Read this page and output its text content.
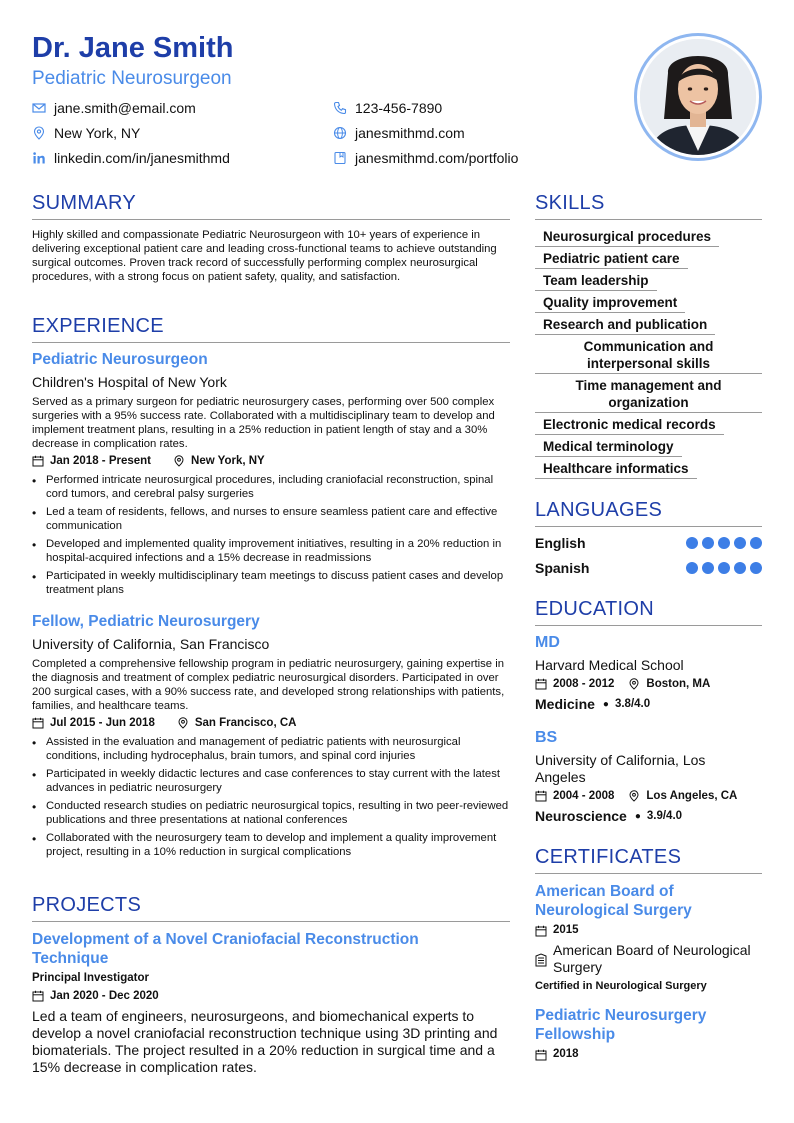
Dr. Jane Smith
Pediatric Neurosurgeon
jane.smith@email.com	123-456-7890
New York, NY	janesmithmd.com
linkedin.com/in/janesmithmd	janesmithmd.com/portfolio
SUMMARY
Highly skilled and compassionate Pediatric Neurosurgeon with 10+ years of experience in delivering exceptional patient care and leading cross-functional teams to achieve outstanding surgical outcomes. Proven track record of successfully performing complex neurosurgical procedures, with a strong focus on patient safety, quality, and satisfaction.
EXPERIENCE
Pediatric Neurosurgeon
Children's Hospital of New York
Served as a primary surgeon for pediatric neurosurgery cases, performing over 500 complex surgeries with a 95% success rate. Collaborated with a multidisciplinary team to develop and implement treatment plans, resulting in a 25% reduction in patient length of stay and a 30% decrease in complication rates.
Jan 2018 - Present	New York, NY
• Performed intricate neurosurgical procedures, including craniofacial reconstruction, spinal cord tumors, and cerebral palsy surgeries
• Led a team of residents, fellows, and nurses to ensure seamless patient care and effective communication
• Developed and implemented quality improvement initiatives, resulting in a 20% reduction in hospital-acquired infections and a 15% decrease in readmissions
• Participated in weekly multidisciplinary team meetings to discuss patient cases and develop treatment plans
Fellow, Pediatric Neurosurgery
University of California, San Francisco
Completed a comprehensive fellowship program in pediatric neurosurgery, gaining expertise in the diagnosis and treatment of complex pediatric neurosurgical disorders. Participated in over 200 surgical cases, with a 90% success rate, and developed strong relationships with patients, families, and healthcare teams.
Jul 2015 - Jun 2018	San Francisco, CA
• Assisted in the evaluation and management of pediatric patients with neurosurgical conditions, including hydrocephalus, brain tumors, and spinal cord injuries
• Participated in weekly didactic lectures and case conferences to stay current with the latest advances in pediatric neurosurgery
• Conducted research studies on pediatric neurosurgical topics, resulting in two peer-reviewed publications and three presentations at national conferences
• Collaborated with the neurosurgery team to develop and implement a quality improvement project, resulting in a 10% reduction in surgical complications
PROJECTS
Development of a Novel Craniofacial Reconstruction Technique
Principal Investigator
Jan 2020 - Dec 2020
Led a team of engineers, neurosurgeons, and biomechanical experts to develop a novel craniofacial reconstruction technique using 3D printing and biomaterials. The project resulted in a 20% reduction in surgical time and a 15% decrease in complication rates.
SKILLS
Neurosurgical procedures
Pediatric patient care
Team leadership
Quality improvement
Research and publication
Communication and interpersonal skills
Time management and organization
Electronic medical records
Medical terminology
Healthcare informatics
LANGUAGES
English
Spanish
EDUCATION
MD
Harvard Medical School
2008 - 2012	Boston, MA
Medicine ● 3.8/4.0
BS
University of California, Los Angeles
2004 - 2008	Los Angeles, CA
Neuroscience ● 3.9/4.0
CERTIFICATES
American Board of Neurological Surgery
2015
American Board of Neurological Surgery
Certified in Neurological Surgery
Pediatric Neurosurgery Fellowship
2018
